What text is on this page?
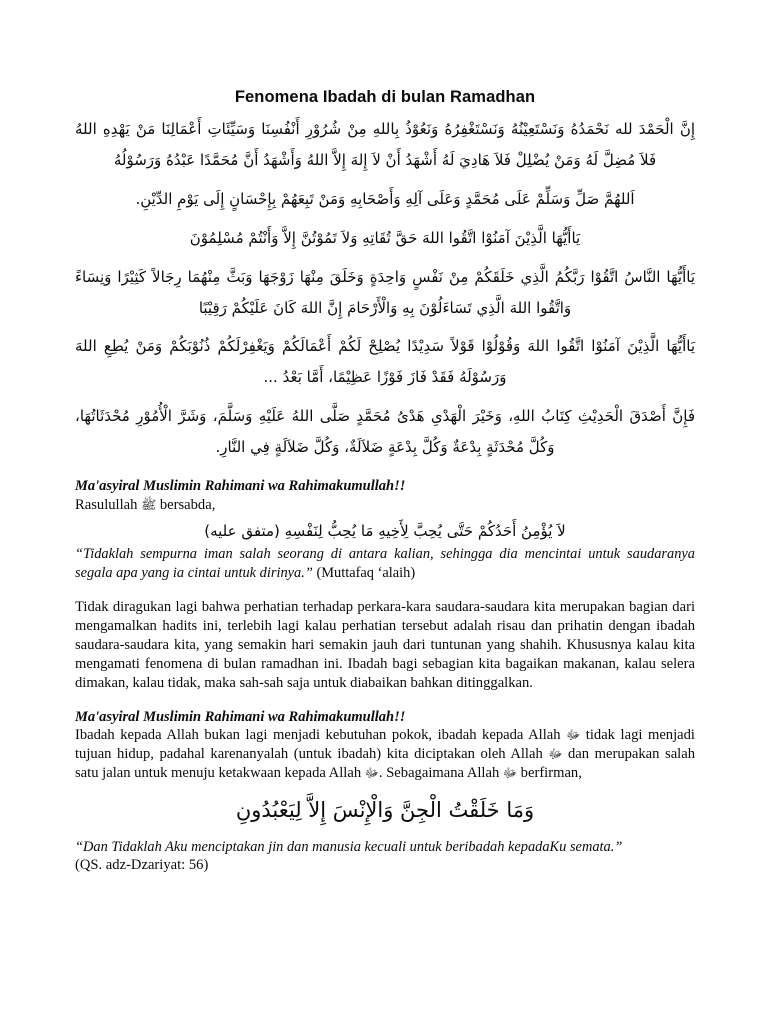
Fenomena Ibadah di bulan Ramadhan

إِنَّ الْحَمْدَ لله نَحْمَدُهُ وَنَسْتَعِيْنُهُ وَنَسْتَغْفِرُهُ وَنَعُوْذُ بِاللهِ مِنْ شُرُوْرِ أَنْفُسِنَا وَسَيِّئَاتِ أَعْمَالِنَا مَنْ يَهْدِهِ اللهُ فَلاَ مُضِلَّ لَهُ وَمَنْ يُضْلِلْ فَلاَ هَادِيَ لَهُ أَشْهَدُ أَنْ لاَ إِلهَ إِلاَّ اللهُ وَأَشْهَدُ أَنَّ مُحَمَّدًا عَبْدُهُ وَرَسُوْلُهُ

اَللهُمَّ صَلِّ وَسَلِّمْ عَلَى مُحَمَّدٍ وَعَلَى آلِهِ وَأَصْحَابِهِ وَمَنْ تَبِعَهُمْ بِإِحْسَانٍ إِلَى يَوْمِ الدِّيْنِ.

يَاأَيُّهَا الَّذِيْنَ آمَنُوْا اتَّقُوا اللهَ حَقَّ تُقَاتِهِ وَلاَ تَمُوْتُنَّ إِلاَّ وَأَنْتُمْ مُسْلِمُوْنَ

يَاأَيُّهَا النَّاسُ اتَّقُوْا رَبَّكُمُ الَّذِي خَلَقَكُمْ مِنْ نَفْسٍ وَاحِدَةٍ وَخَلَقَ مِنْهَا زَوْجَهَا وَبَثَّ مِنْهُمَا رِجَالاً كَثِيْرًا وَنِسَاءً وَاتَّقُوا اللهَ الَّذِي تَسَاءَلُوْنَ بِهِ وَالْأَرْحَامَ إِنَّ اللهَ كَانَ عَلَيْكُمْ رَقِيْبًا

يَاأَيُّهَا الَّذِيْنَ آمَنُوْا اتَّقُوا اللهَ وَقُوْلُوْا قَوْلاً سَدِيْدًا يُصْلِحْ لَكُمْ أَعْمَالَكُمْ وَيَغْفِرْلَكُمْ ذُنُوْبَكُمْ وَمَنْ يُطِعِ اللهَ وَرَسُوْلَهُ فَقَدْ فَازَ فَوْزًا عَظِيْمًا، أَمَّا بَعْدُ ...

فَإِنَّ أَصْدَقَ الْحَدِيْثِ كِتَابُ اللهِ، وَخَيْرَ الْهَدْىِ هَدْىُ مُحَمَّدٍ صَلَّى اللهُ عَلَيْهِ وَسَلَّمَ، وَشَرَّ الْأُمُوْرِ مُحْدَثَاتُهَا، وَكُلَّ مُحْدَثَةٍ بِدْعَةٌ وَكُلَّ بِدْعَةٍ ضَلاَلَةٌ، وَكُلَّ ضَلاَلَةٍ فِي النَّارِ.

Ma'asyiral Muslimin Rahimani wa Rahimakumullah!!

Rasulullah ﷺ bersabda,

لاَ يُؤْمِنُ أَحَدُكُمْ حَتَّى يُحِبَّ لِأَخِيهِ مَا يُحِبُّ لِنَفْسِهِ (متفق عليه)

“Tidaklah sempurna iman salah seorang di antara kalian, sehingga dia mencintai untuk saudaranya segala apa yang ia cintai untuk dirinya.” (Muttafaq ‘alaih)

Tidak diragukan lagi bahwa perhatian terhadap perkara-kara saudara-saudara kita merupakan bagian dari mengamalkan hadits ini, terlebih lagi kalau perhatian tersebut adalah risau dan prihatin dengan ibadah saudara-saudara kita, yang semakin hari semakin jauh dari tuntunan yang shahih. Khususnya kalau kita mengamati fenomena di bulan ramadhan ini. Ibadah bagi sebagian kita bagaikan makanan, kalau selera dimakan, kalau tidak, maka sah-sah saja untuk diabaikan bahkan ditinggalkan.

Ma'asyiral Muslimin Rahimani wa Rahimakumullah!!

Ibadah kepada Allah bukan lagi menjadi kebutuhan pokok, ibadah kepada Allah ﷻ tidak lagi menjadi tujuan hidup, padahal karenanyalah (untuk ibadah) kita diciptakan oleh Allah ﷻ dan merupakan salah satu jalan untuk menuju ketakwaan kepada Allah ﷻ. Sebagaimana Allah ﷻ berfirman,

وَمَا خَلَقْتُ الْجِنَّ وَالْإِنْسَ إِلاَّ لِيَعْبُدُونِ

“Dan Tidaklah Aku menciptakan jin dan manusia kecuali untuk beribadah kepadaKu semata.”

(QS. adz-Dzariyat: 56)
